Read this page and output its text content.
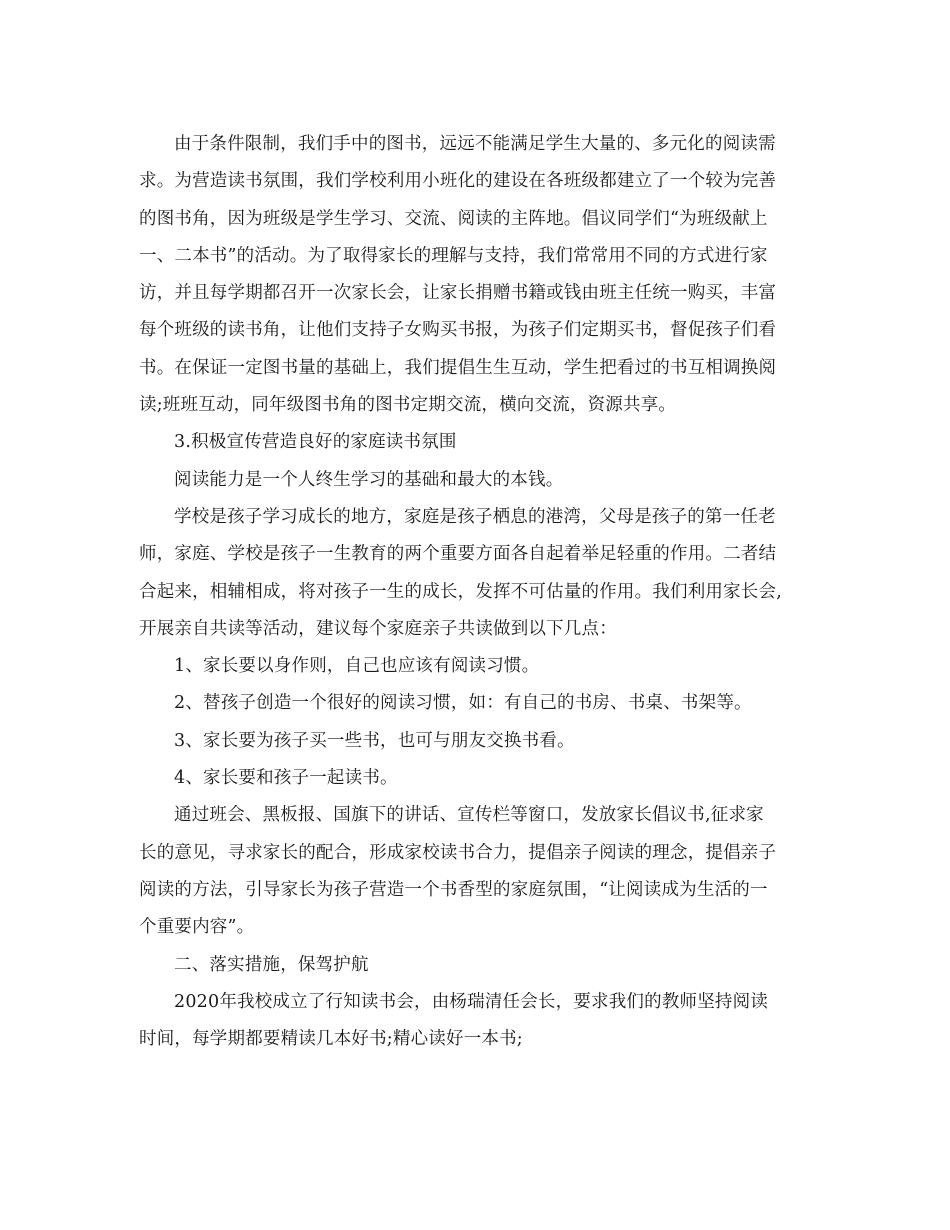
由于条件限制，我们手中的图书，远远不能满足学生大量的、多元化的阅读需
求。为营造读书氛围，我们学校利用小班化的建设在各班级都建立了一个较为完善
的图书角，因为班级是学生学习、交流、阅读的主阵地。倡议同学们“为班级献上
一、二本书”的活动。为了取得家长的理解与支持，我们常常用不同的方式进行家
访，并且每学期都召开一次家长会，让家长捐赠书籍或钱由班主任统一购买，丰富
每个班级的读书角，让他们支持子女购买书报，为孩子们定期买书，督促孩子们看
书。在保证一定图书量的基础上，我们提倡生生互动，学生把看过的书互相调换阅
读;班班互动，同年级图书角的图书定期交流，横向交流，资源共享。
3.积极宣传营造良好的家庭读书氛围
阅读能力是一个人终生学习的基础和最大的本钱。
学校是孩子学习成长的地方，家庭是孩子栖息的港湾，父母是孩子的第一任老
师，家庭、学校是孩子一生教育的两个重要方面各自起着举足轻重的作用。二者结
合起来，相辅相成，将对孩子一生的成长，发挥不可估量的作用。我们利用家长会,
开展亲自共读等活动，建议每个家庭亲子共读做到以下几点：
1、家长要以身作则，自己也应该有阅读习惯。
2、替孩子创造一个很好的阅读习惯，如：有自己的书房、书桌、书架等。
3、家长要为孩子买一些书，也可与朋友交换书看。
4、家长要和孩子一起读书。
通过班会、黑板报、国旗下的讲话、宣传栏等窗口，发放家长倡议书,征求家
长的意见，寻求家长的配合，形成家校读书合力，提倡亲子阅读的理念，提倡亲子
阅读的方法，引导家长为孩子营造一个书香型的家庭氛围，“让阅读成为生活的一
个重要内容”。
二、落实措施，保驾护航
2020年我校成立了行知读书会，由杨瑞清任会长，要求我们的教师坚持阅读
时间，每学期都要精读几本好书;精心读好一本书;
